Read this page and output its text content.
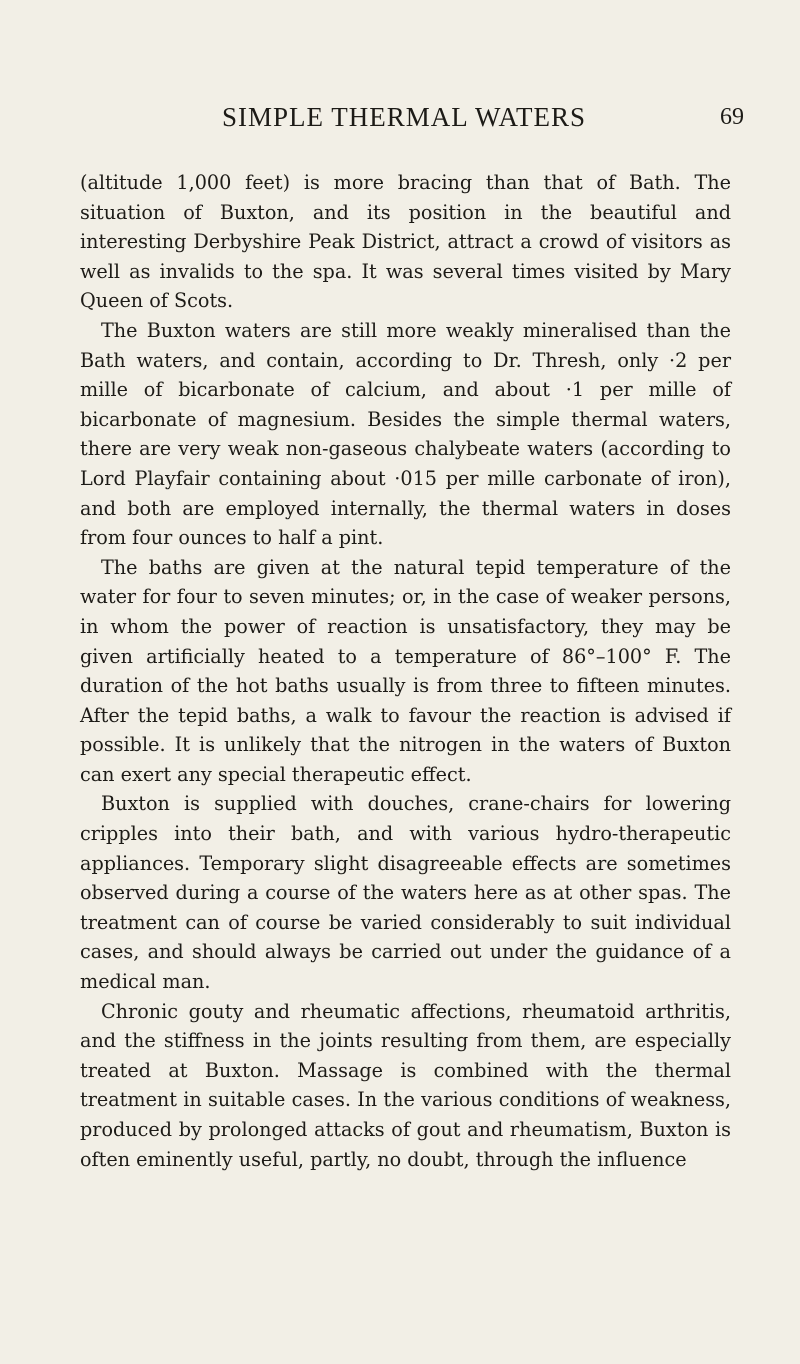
SIMPLE THERMAL WATERS	69

(altitude 1,000 feet) is more bracing than that of Bath. The situation of Buxton, and its position in the beautiful and interesting Derbyshire Peak District, attract a crowd of visitors as well as invalids to the spa. It was several times visited by Mary Queen of Scots.

The Buxton waters are still more weakly mineralised than the Bath waters, and contain, according to Dr. Thresh, only ·2 per mille of bicarbonate of calcium, and about ·1 per mille of bicarbonate of magnesium. Besides the simple thermal waters, there are very weak non-gaseous chalybeate waters (according to Lord Playfair containing about ·015 per mille carbonate of iron), and both are employed internally, the thermal waters in doses from four ounces to half a pint.

The baths are given at the natural tepid temperature of the water for four to seven minutes; or, in the case of weaker persons, in whom the power of reaction is unsatisfactory, they may be given artificially heated to a temperature of 86°–100° F. The duration of the hot baths usually is from three to fifteen minutes. After the tepid baths, a walk to favour the reaction is advised if possible. It is unlikely that the nitrogen in the waters of Buxton can exert any special therapeutic effect.

Buxton is supplied with douches, crane-chairs for lowering cripples into their bath, and with various hydro-therapeutic appliances. Temporary slight disagreeable effects are sometimes observed during a course of the waters here as at other spas. The treatment can of course be varied considerably to suit individual cases, and should always be carried out under the guidance of a medical man.

Chronic gouty and rheumatic affections, rheumatoid arthritis, and the stiffness in the joints resulting from them, are especially treated at Buxton. Massage is combined with the thermal treatment in suitable cases. In the various conditions of weakness, produced by prolonged attacks of gout and rheumatism, Buxton is often eminently useful, partly, no doubt, through the influence
